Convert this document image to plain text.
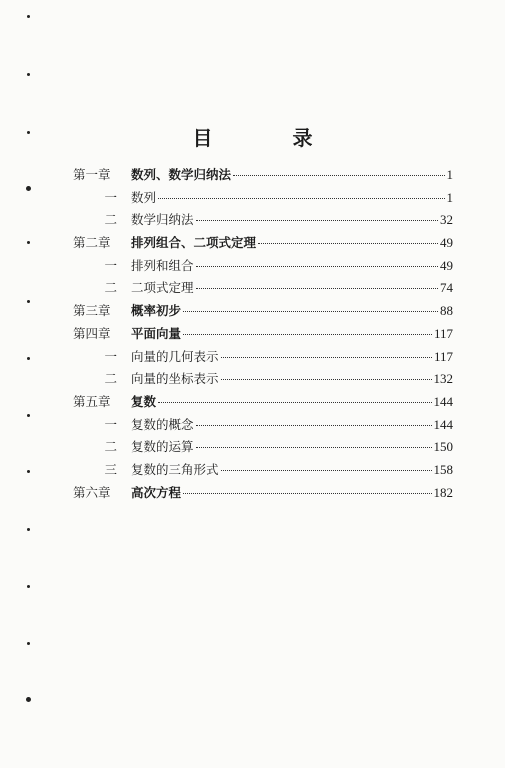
目　录
第一章	数列、数学归纳法	1
一	数列	1
二	数学归纳法	32
第二章	排列组合、二项式定理	49
一	排列和组合	49
二	二项式定理	74
第三章	概率初步	88
第四章	平面向量	117
一	向量的几何表示	117
二	向量的坐标表示	132
第五章	复数	144
一	复数的概念	144
二	复数的运算	150
三	复数的三角形式	158
第六章	高次方程	182
